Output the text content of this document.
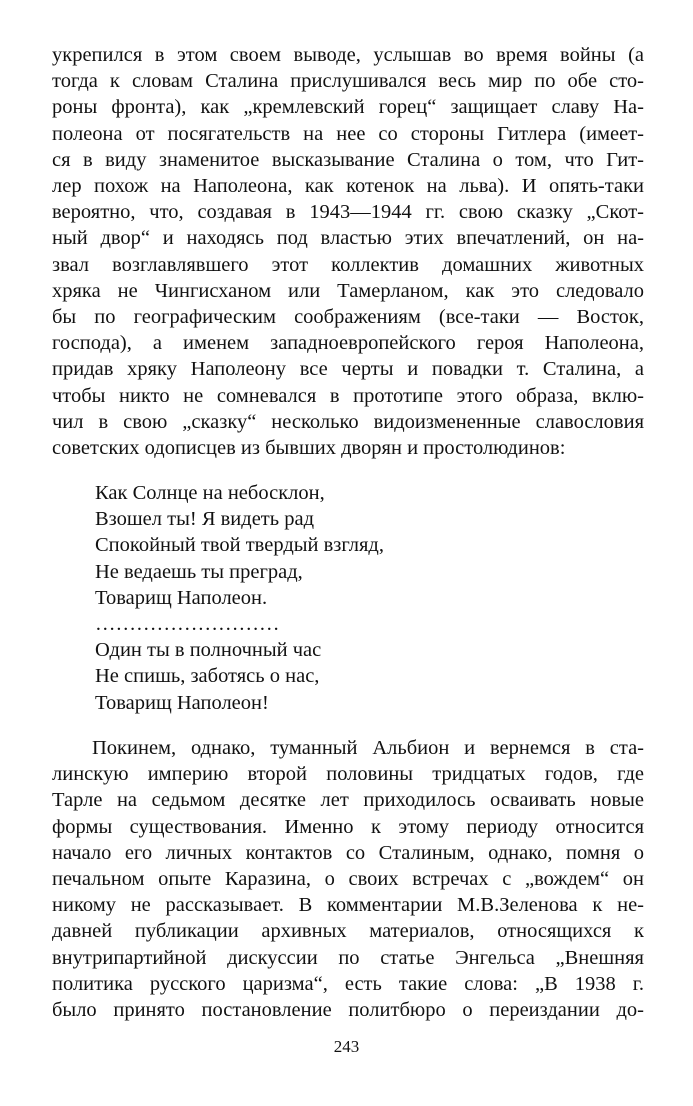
укрепился в этом своем выводе, услышав во время войны (а
тогда к словам Сталина прислушивался весь мир по обе сто-
роны фронта), как „кремлевский горец“ защищает славу На-
полеона от посягательств на нее со стороны Гитлера (имеет-
ся в виду знаменитое высказывание Сталина о том, что Гит-
лер похож на Наполеона, как котенок на льва). И опять-таки
вероятно, что, создавая в 1943—1944 гг. свою сказку „Скот-
ный двор“ и находясь под властью этих впечатлений, он на-
звал возглавлявшего этот коллектив домашних животных
хряка не Чингисханом или Тамерланом, как это следовало
бы по географическим соображениям (все-таки — Восток,
господа), а именем западноевропейского героя Наполеона,
придав хряку Наполеону все черты и повадки т. Сталина, а
чтобы никто не сомневался в прототипе этого образа, вклю-
чил в свою „сказку“ несколько видоизмененные славословия
советских одописцев из бывших дворян и простолюдинов:
Как Солнце на небосклон,
Взошел ты! Я видеть рад
Спокойный твой твердый взгляд,
Не ведаешь ты преград,
Товарищ Наполеон.
………………………
Один ты в полночный час
Не спишь, заботясь о нас,
Товарищ Наполеон!
Покинем, однако, туманный Альбион и вернемся в ста-
линскую империю второй половины тридцатых годов, где
Тарле на седьмом десятке лет приходилось осваивать новые
формы существования. Именно к этому периоду относится
начало его личных контактов со Сталиным, однако, помня о
печальном опыте Каразина, о своих встречах с „вождем“ он
никому не рассказывает. В комментарии М.В.Зеленова к не-
давней публикации архивных материалов, относящихся к
внутрипартийной дискуссии по статье Энгельса „Внешняя
политика русского царизма“, есть такие слова: „В 1938 г.
было принято постановление политбюро о переиздании до-
243
